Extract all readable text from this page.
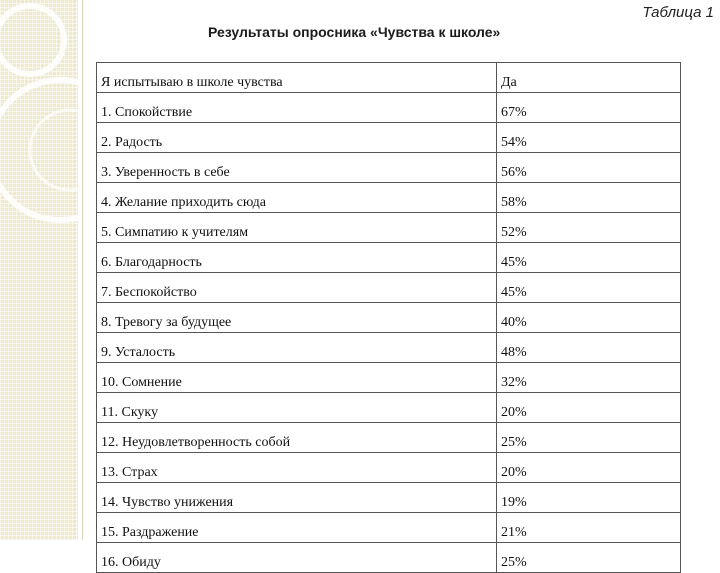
Таблица 1
Результаты опросника «Чувства к школе»
Я испытываю в школе чувства	Да
1. Спокойствие	67%
2. Радость	54%
3. Уверенность в себе	56%
4. Желание приходить сюда	58%
5. Симпатию к учителям	52%
6. Благодарность	45%
7. Беспокойство	45%
8. Тревогу за будущее	40%
9. Усталость	48%
10. Сомнение	32%
11. Скуку	20%
12. Неудовлетворенность собой	25%
13. Страх	20%
14. Чувство унижения	19%
15. Раздражение	21%
16. Обиду	25%
